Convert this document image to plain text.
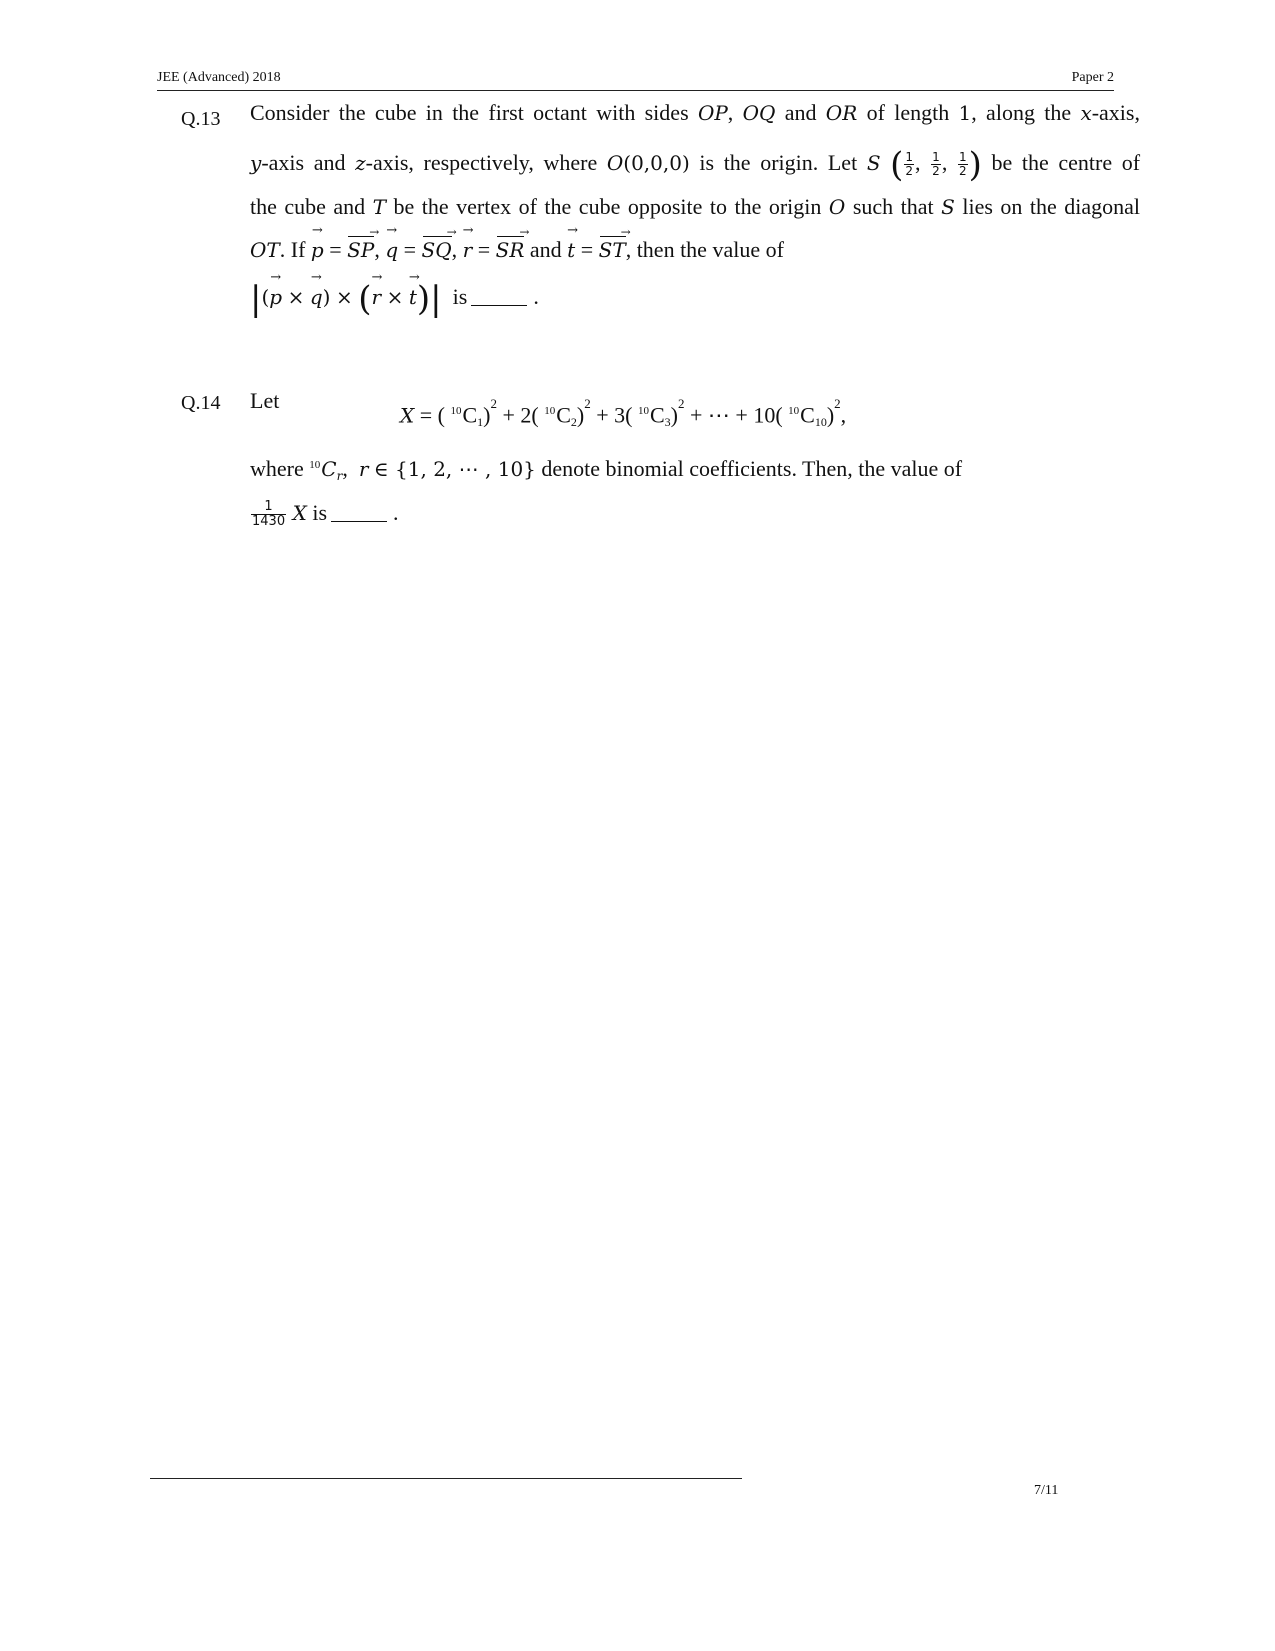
JEE (Advanced) 2018	Paper 2
Q.13 Consider the cube in the first octant with sides OP, OQ and OR of length 1, along the x-axis,
y-axis and z-axis, respectively, where O(0,0,0) is the origin. Let S ( $\frac{1}{2}$ , $\frac{1}{2}$ , $\frac{1}{2}$ ) be the centre of
the cube and T be the vertex of the cube opposite to the origin O such that S lies on the diagonal
OT. If p → = SP →, q → = SQ →, r → = SR → and t → = ST →, then the value of
|(p → × q →) × (r → × t →)|  is	.
Q.14 Let
X = ( $^{10}$C1)$^2$ + 2( $^{10}$C2)$^2$ + 3( $^{10}$C3)$^2$ + ⋯ + 10( $^{10}$C10)$^2$,
where $^{10}C_r$,  r ∈ {1, 2, ⋯ , 10} denote binomial coefficients. Then, the value of
$\frac{1}{1430}$ X is	.
7/11
